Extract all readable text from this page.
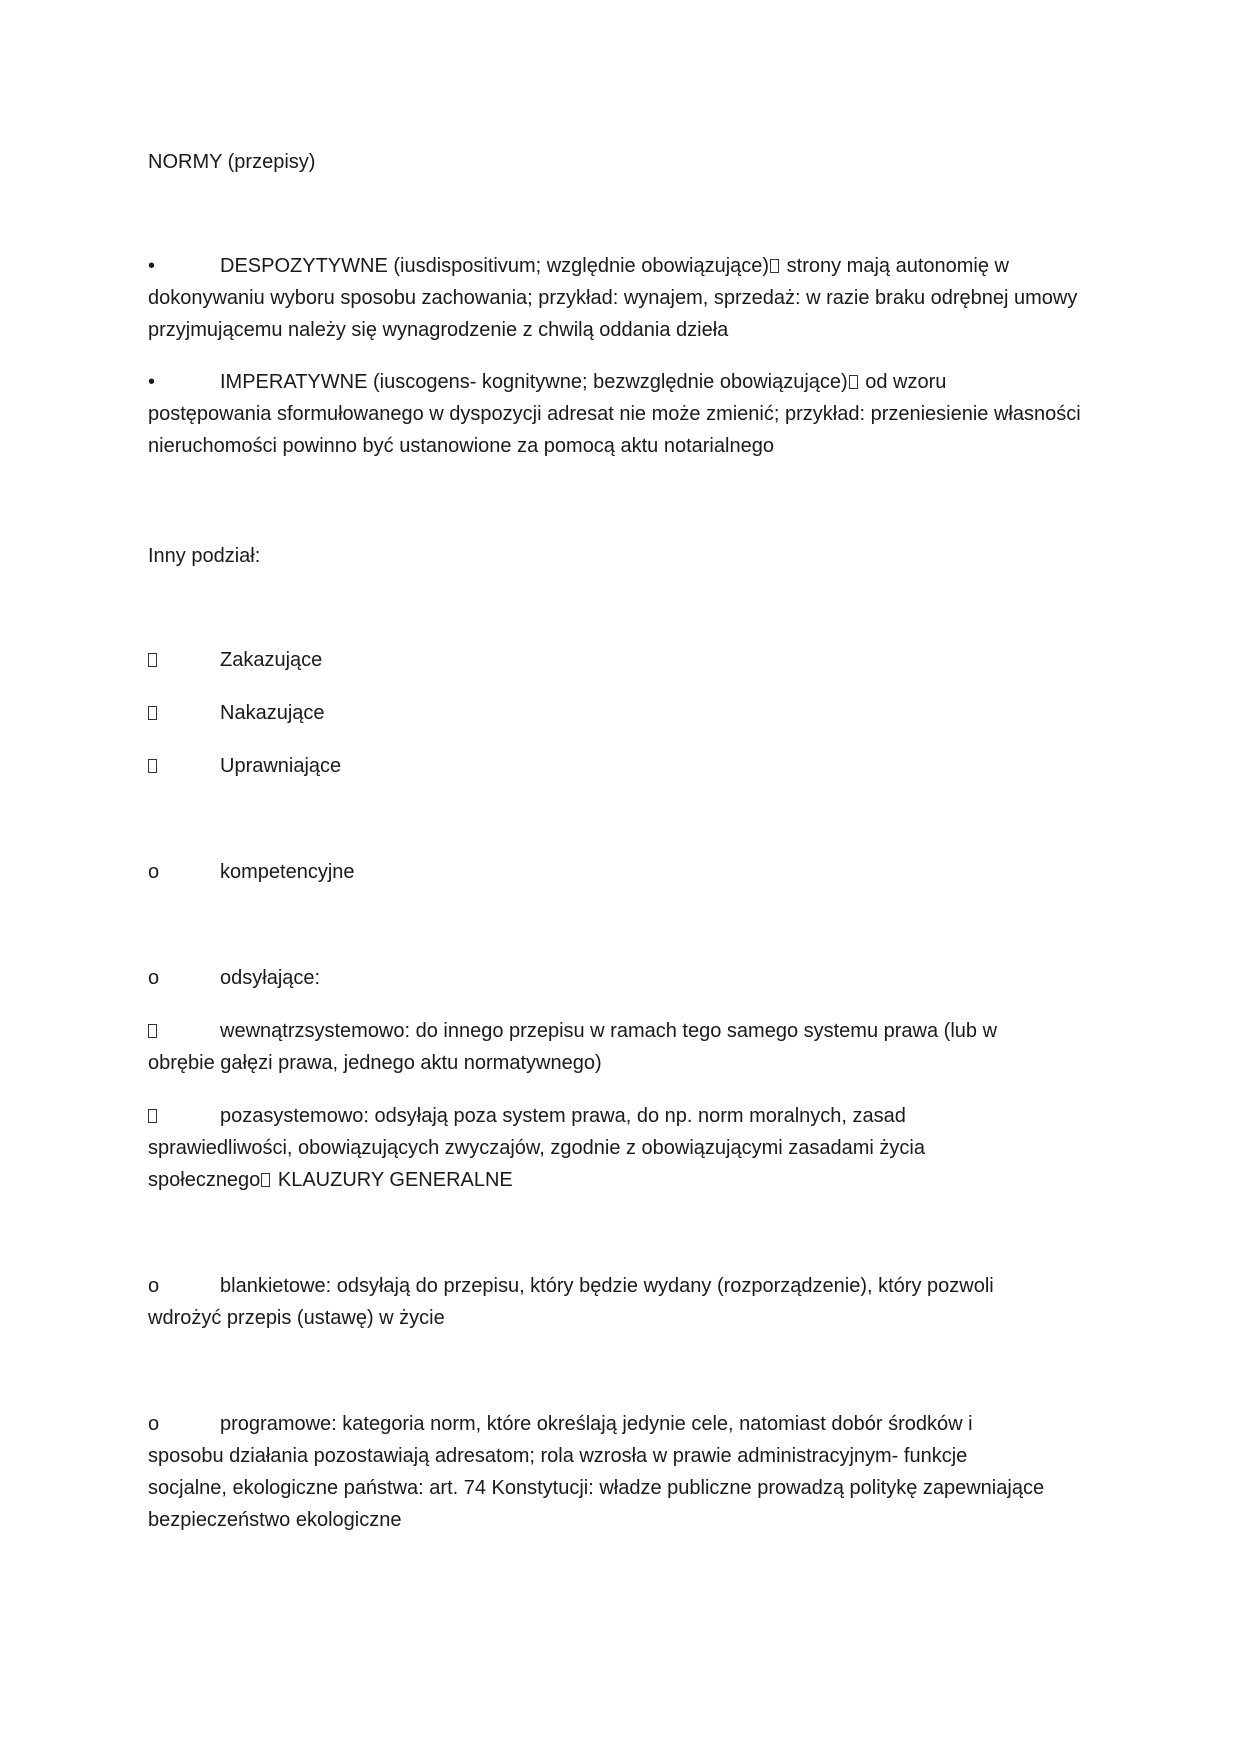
NORMY (przepisy)

•	DESPOZYTYWNE (iusdispositivum; względnie obowiązujące) strony mają autonomię w
dokonywaniu wyboru sposobu zachowania; przykład: wynajem, sprzedaż: w razie braku odrębnej umowy przyjmującemu należy się wynagrodzenie z chwilą oddania dzieła

•	IMPERATYWNE (iuscogens- kognitywne; bezwzględnie obowiązujące) od wzoru
postępowania sformułowanego w dyspozycji adresat nie może zmienić; przykład: przeniesienie własności nieruchomości powinno być ustanowione za pomocą aktu notarialnego

Inny podział:

Zakazujące

Nakazujące

Uprawniające

o	kompetencyjne

o	odsyłające:

wewnątrzsystemowo: do innego przepisu w ramach tego samego systemu prawa (lub w
obrębie gałęzi prawa, jednego aktu normatywnego)

pozasystemowo: odsyłają poza system prawa, do np. norm moralnych, zasad
sprawiedliwości, obowiązujących zwyczajów, zgodnie z obowiązującymi zasadami życia
społecznego KLAUZURY GENERALNE

o	blankietowe: odsyłają do przepisu, który będzie wydany (rozporządzenie), który pozwoli
wdrożyć przepis (ustawę) w życie

o	programowe: kategoria norm, które określają jedynie cele, natomiast dobór środków i
sposobu działania pozostawiają adresatom; rola wzrosła w prawie administracyjnym- funkcje
socjalne, ekologiczne państwa: art. 74 Konstytucji: władze publiczne prowadzą politykę zapewniające
bezpieczeństwo ekologiczne
